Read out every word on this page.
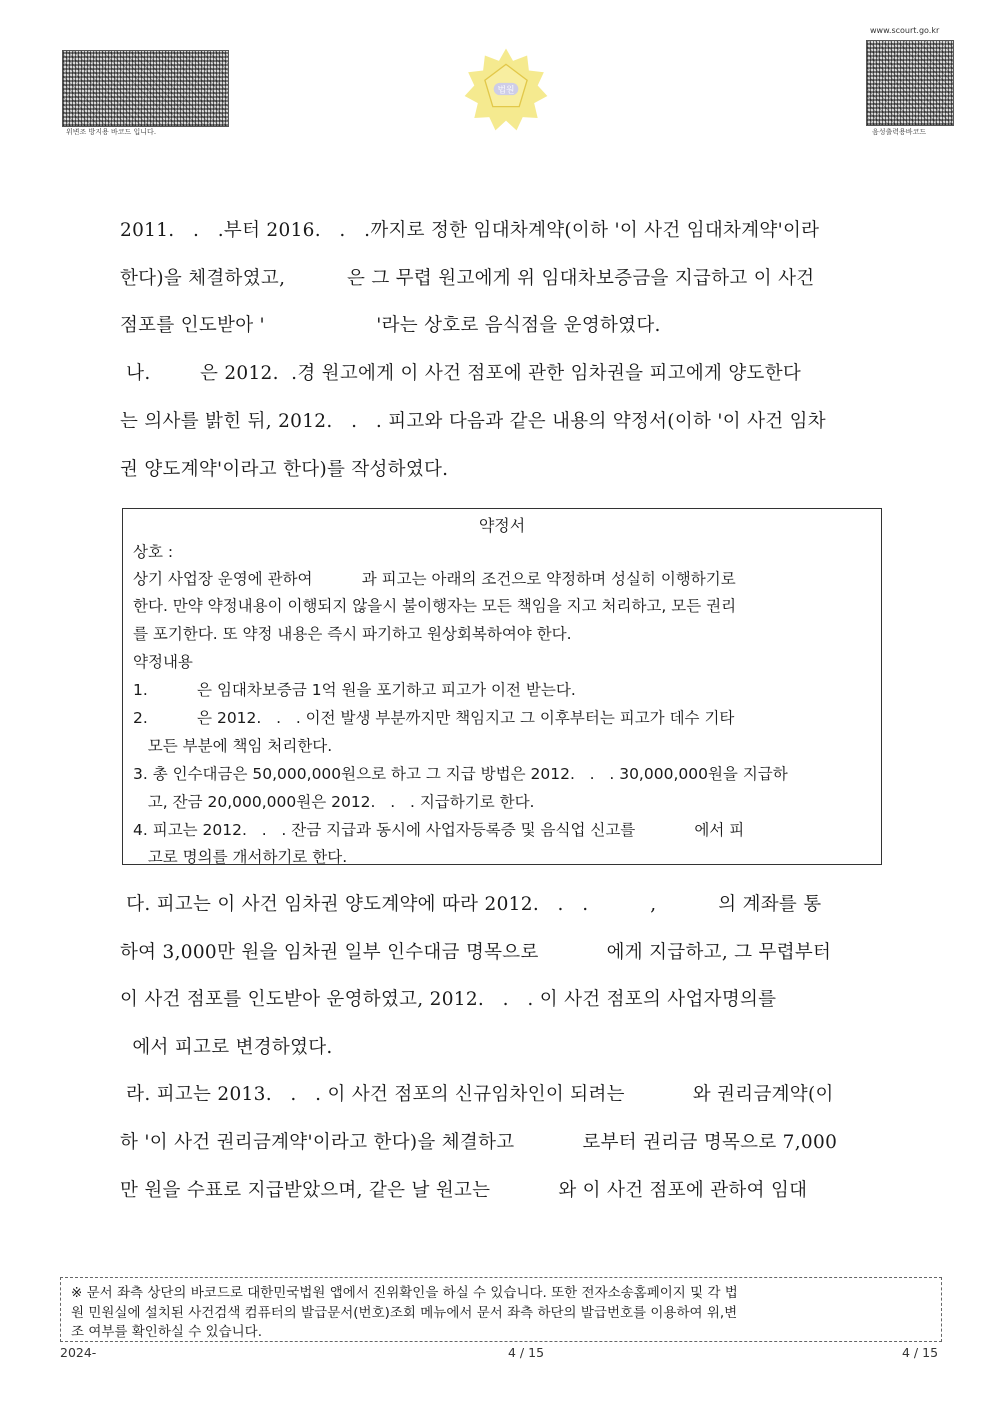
위변조 방지용 바코드 입니다.
www.scourt.go.kr
음성출력용바코드
법원
2011.   .   .부터 2016.   .   .까지로 정한 임대차계약(이하 '이 사건 임대차계약'이라
한다)을 체결하였고,          은 그 무렵 원고에게 위 임대차보증금을 지급하고 이 사건
점포를 인도받아 '                  '라는 상호로 음식점을 운영하였다.
나.        은 2012.  .경 원고에게 이 사건 점포에 관한 임차권을 피고에게 양도한다
는 의사를 밝힌 뒤, 2012.   .   . 피고와 다음과 같은 내용의 약정서(이하 '이 사건 임차
권 양도계약'이라고 한다)를 작성하였다.
약정서
상호 :
상기 사업장 운영에 관하여          과 피고는 아래의 조건으로 약정하며 성실히 이행하기로
한다. 만약 약정내용이 이행되지 않을시 불이행자는 모든 책임을 지고 처리하고, 모든 권리
를 포기한다. 또 약정 내용은 즉시 파기하고 원상회복하여야 한다.
약정내용
1.          은 임대차보증금 1억 원을 포기하고 피고가 이전 받는다.
2.          은 2012.   .   . 이전 발생 부분까지만 책임지고 그 이후부터는 피고가 데수 기타
모든 부분에 책임 처리한다.
3. 총 인수대금은 50,000,000원으로 하고 그 지급 방법은 2012.   .   . 30,000,000원을 지급하
고, 잔금 20,000,000원은 2012.   .   . 지급하기로 한다.
4. 피고는 2012.   .   . 잔금 지급과 동시에 사업자등록증 및 음식업 신고를            에서 피
고로 명의를 개서하기로 한다.
다. 피고는 이 사건 임차권 양도계약에 따라 2012.   .   .          ,          의 계좌를 통
하여 3,000만 원을 임차권 일부 인수대금 명목으로           에게 지급하고, 그 무렵부터
이 사건 점포를 인도받아 운영하였고, 2012.   .   . 이 사건 점포의 사업자명의를
에서 피고로 변경하였다.
라. 피고는 2013.   .   . 이 사건 점포의 신규임차인이 되려는           와 권리금계약(이
하 '이 사건 권리금계약'이라고 한다)을 체결하고           로부터 권리금 명목으로 7,000
만 원을 수표로 지급받았으며, 같은 날 원고는           와 이 사건 점포에 관하여 임대
※ 문서 좌측 상단의 바코드로 대한민국법원 앱에서 진위확인을 하실 수 있습니다. 또한 전자소송홈페이지 및 각 법
원 민원실에 설치된 사건검색 컴퓨터의 발급문서(번호)조회 메뉴에서 문서 좌측 하단의 발급번호를 이용하여 위,변
조 여부를 확인하실 수 있습니다.
2024-	4 / 15	4 / 15
